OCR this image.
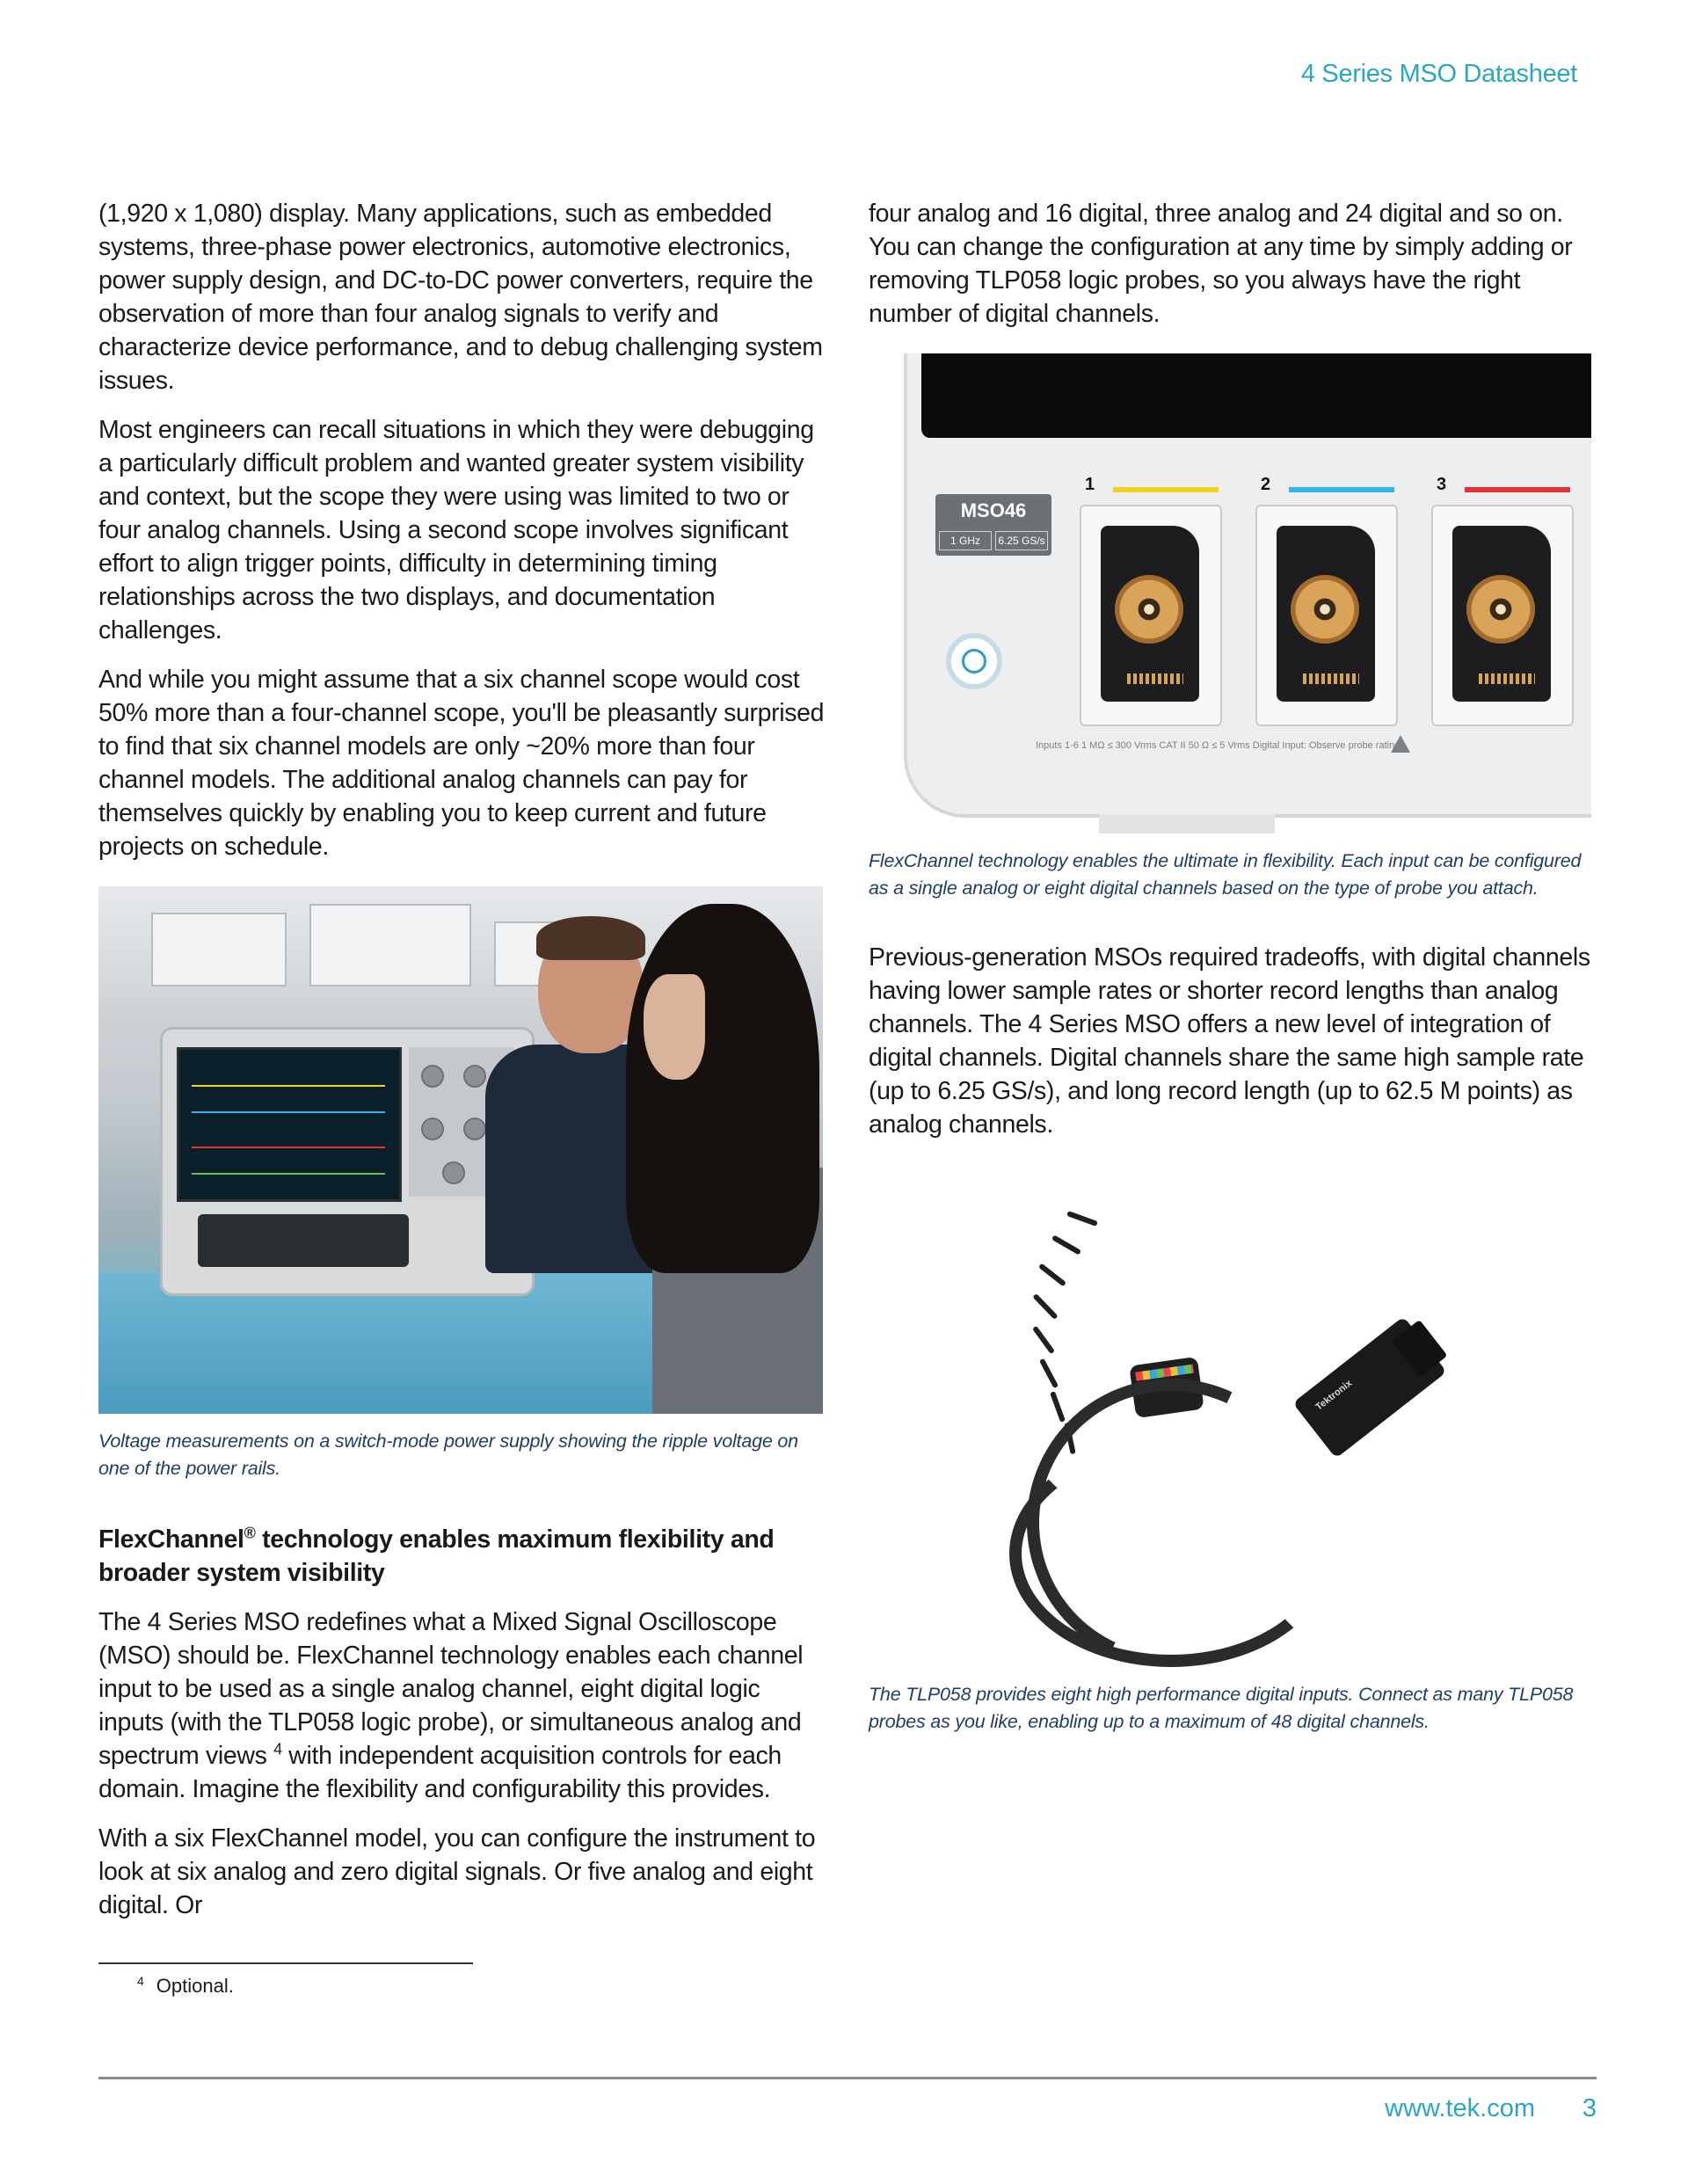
4 Series MSO Datasheet

(1,920 x 1,080) display. Many applications, such as embedded systems, three-phase power electronics, automotive electronics, power supply design, and DC-to-DC power converters, require the observation of more than four analog signals to verify and characterize device performance, and to debug challenging system issues.

Most engineers can recall situations in which they were debugging a particularly difficult problem and wanted greater system visibility and context, but the scope they were using was limited to two or four analog channels. Using a second scope involves significant effort to align trigger points, difficulty in determining timing relationships across the two displays, and documentation challenges.

And while you might assume that a six channel scope would cost 50% more than a four-channel scope, you'll be pleasantly surprised to find that six channel models are only ~20% more than four channel models. The additional analog channels can pay for themselves quickly by enabling you to keep current and future projects on schedule.

Voltage measurements on a switch-mode power supply showing the ripple voltage on one of the power rails.

FlexChannel® technology enables maximum flexibility and broader system visibility

The 4 Series MSO redefines what a Mixed Signal Oscilloscope (MSO) should be. FlexChannel technology enables each channel input to be used as a single analog channel, eight digital logic inputs (with the TLP058 logic probe), or simultaneous analog and spectrum views $^4$ with independent acquisition controls for each domain. Imagine the flexibility and configurability this provides.

With a six FlexChannel model, you can configure the instrument to look at six analog and zero digital signals. Or five analog and eight digital. Or

four analog and 16 digital, three analog and 24 digital and so on. You can change the configuration at any time by simply adding or removing TLP058 logic probes, so you always have the right number of digital channels.

MSO46
1 GHz	6.25 GS/s
1	2	3
Inputs 1-6 1 MΩ ≤ 300 Vrms CAT II 50 Ω ≤ 5 Vrms Digital Input: Observe probe ratings

FlexChannel technology enables the ultimate in flexibility. Each input can be configured as a single analog or eight digital channels based on the type of probe you attach.

Previous-generation MSOs required tradeoffs, with digital channels having lower sample rates or shorter record lengths than analog channels. The 4 Series MSO offers a new level of integration of digital channels. Digital channels share the same high sample rate (up to 6.25 GS/s), and long record length (up to 62.5 M points) as analog channels.

Tektronix

The TLP058 provides eight high performance digital inputs. Connect as many TLP058 probes as you like, enabling up to a maximum of 48 digital channels.

$^4$ Optional.
www.tek.com 3
